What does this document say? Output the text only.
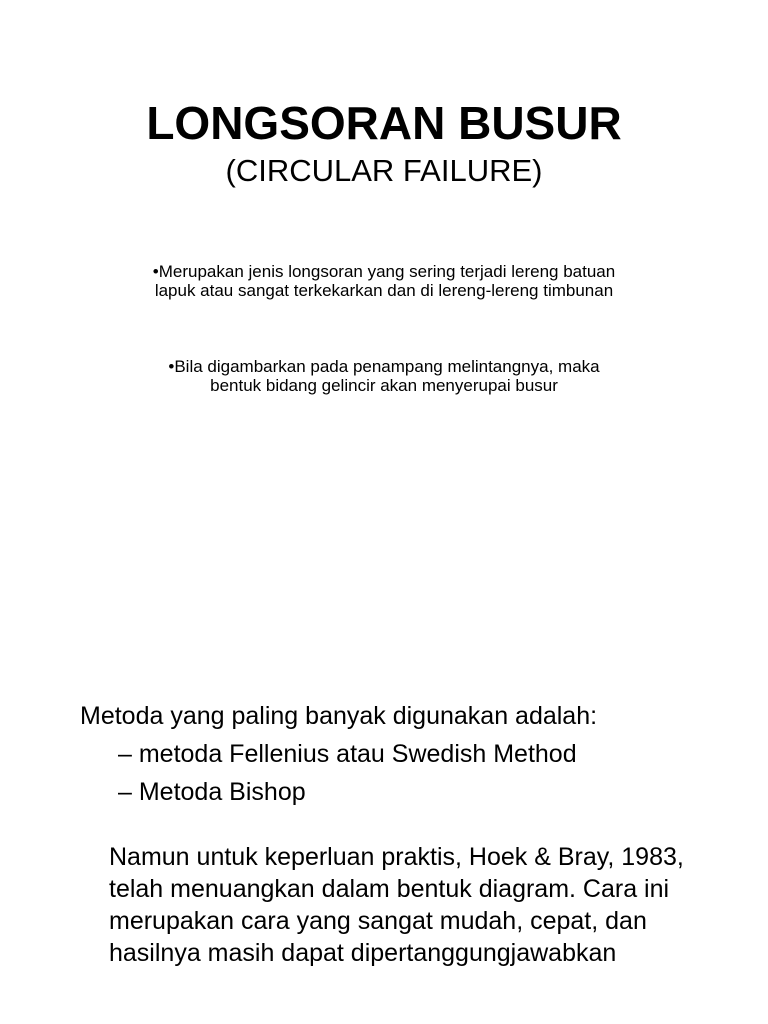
LONGSORAN BUSUR
(CIRCULAR FAILURE)
•Merupakan jenis longsoran yang sering terjadi lereng batuan
lapuk atau sangat terkekarkan dan di lereng-lereng timbunan
•Bila digambarkan pada penampang melintangnya, maka
bentuk bidang gelincir akan menyerupai busur
Metoda yang paling banyak digunakan adalah:
– metoda Fellenius atau Swedish Method
– Metoda Bishop
Namun untuk keperluan praktis, Hoek & Bray, 1983,
telah menuangkan dalam bentuk diagram. Cara ini
merupakan cara yang sangat mudah, cepat, dan
hasilnya masih dapat dipertanggungjawabkan
